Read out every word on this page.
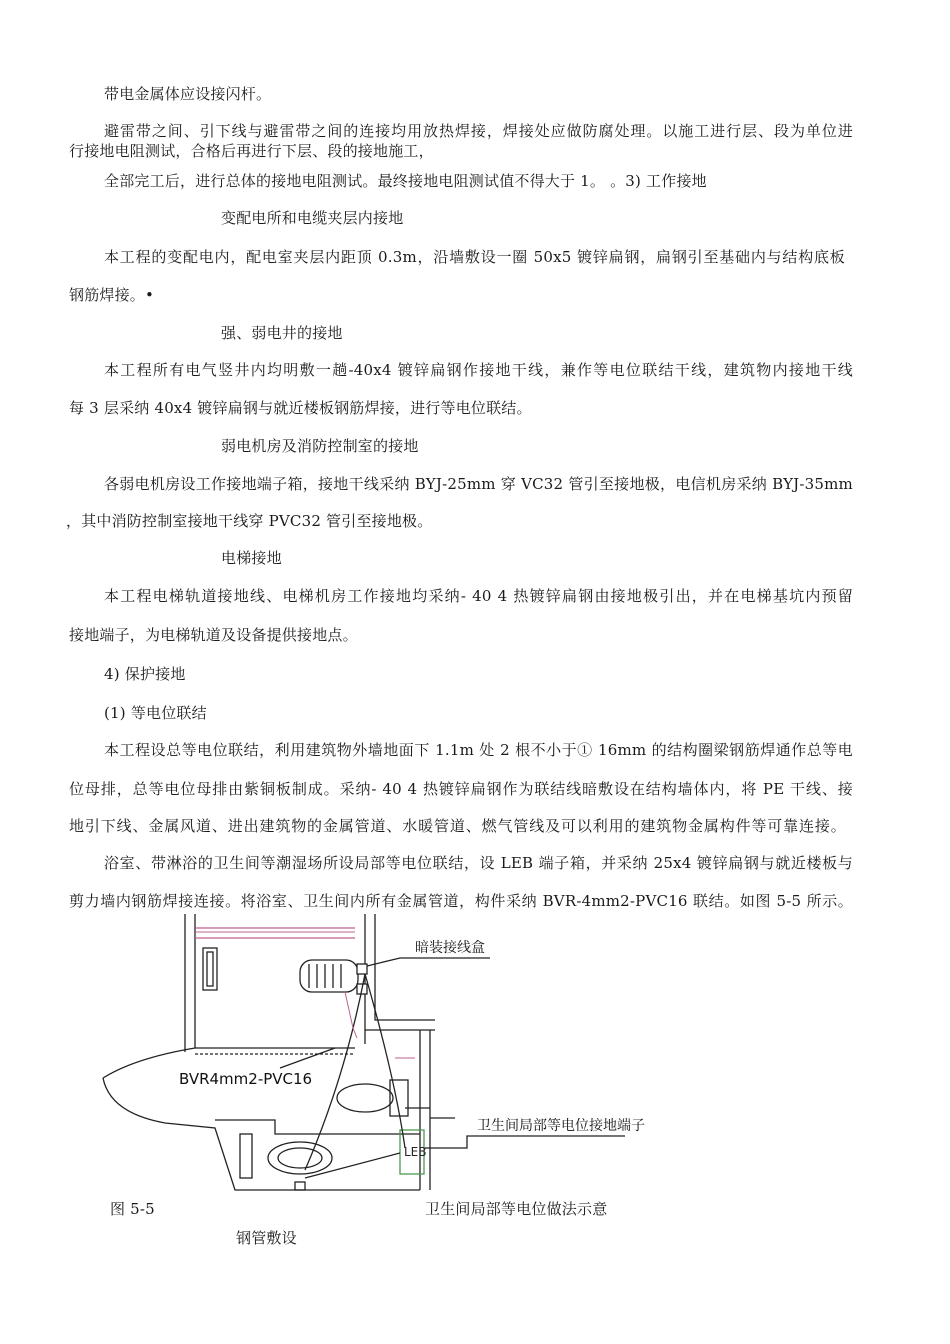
带电金属体应设接闪杆。
避雷带之间、引下线与避雷带之间的连接均用放热焊接，焊接处应做防腐处理。以施工进行层、段为单位进
行接地电阻测试，合格后再进行下层、段的接地施工，
全部完工后，进行总体的接地电阻测试。最终接地电阻测试值不得大于 1。 。3) 工作接地
变配电所和电缆夹层内接地
本工程的变配电内，配电室夹层内距顶 0.3m，沿墙敷设一圈 50x5 镀锌扁钢，扁钢引至基础内与结构底板
钢筋焊接。•
强、弱电井的接地
本工程所有电气竖井内均明敷一趟-40x4 镀锌扁钢作接地干线，兼作等电位联结干线，建筑物内接地干线
每 3 层采纳 40x4 镀锌扁钢与就近楼板钢筋焊接，进行等电位联结。
弱电机房及消防控制室的接地
各弱电机房设工作接地端子箱，接地干线采纳 BYJ-25mm 穿 VC32 管引至接地极，电信机房采纳 BYJ-35mm
，其中消防控制室接地干线穿 PVC32 管引至接地极。
电梯接地
本工程电梯轨道接地线、电梯机房工作接地均采纳- 40 4 热镀锌扁钢由接地极引出，并在电梯基坑内预留
接地端子，为电梯轨道及设备提供接地点。
4) 保护接地
(1) 等电位联结
本工程设总等电位联结，利用建筑物外墙地面下 1.1m 处 2 根不小于① 16mm 的结构圈梁钢筋焊通作总等电
位母排，总等电位母排由紫铜板制成。采纳- 40 4 热镀锌扁钢作为联结线暗敷设在结构墙体内，将 PE 干线、接
地引下线、金属风道、进出建筑物的金属管道、水暖管道、燃气管线及可以利用的建筑物金属构件等可靠连接。
浴室、带淋浴的卫生间等潮湿场所设局部等电位联结，设 LEB 端子箱，并采纳 25x4 镀锌扁钢与就近楼板与
剪力墙内钢筋焊接连接。将浴室、卫生间内所有金属管道，构件采纳 BVR-4mm2-PVC16 联结。如图 5-5 所示。
暗装接线盒
BVR4mm2-PVC16
卫生间局部等电位接地端子
LEB
图 5-5	卫生间局部等电位做法示意
钢管敷设
